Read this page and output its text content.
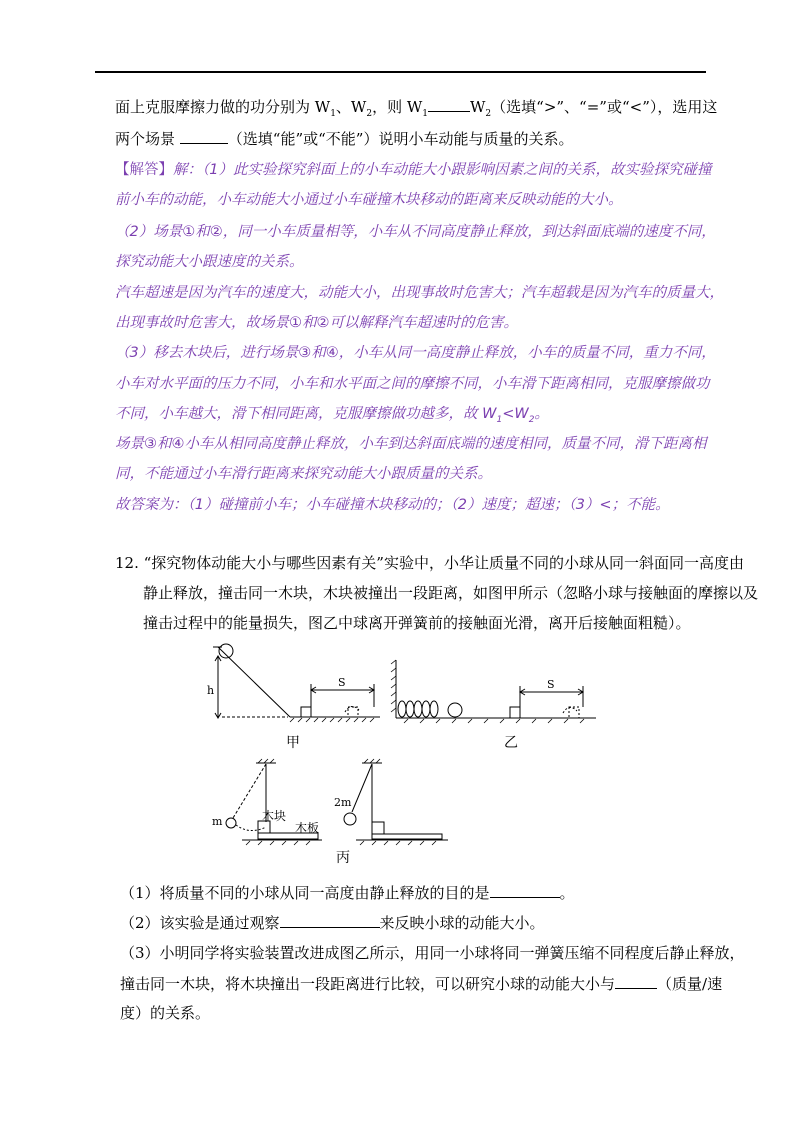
面上克服摩擦力做的功分别为 $W_1$、$W_2$，则 $W_1$	$W_2$（选填“>”、“=”或“<”），选用这
两个场景	（选填“能”或“不能”）说明小车动能与质量的关系。
【解答】解：（1）此实验探究斜面上的小车动能大小跟影响因素之间的关系，故实验探究碰撞
前小车的动能，小车动能大小通过小车碰撞木块移动的距离来反映动能的大小。
（2）场景①和②，同一小车质量相等，小车从不同高度静止释放，到达斜面底端的速度不同，
探究动能大小跟速度的关系。
汽车超速是因为汽车的速度大，动能大小，出现事故时危害大；汽车超载是因为汽车的质量大，
出现事故时危害大，故场景①和②可以解释汽车超速时的危害。
（3）移去木块后，进行场景③和④，小车从同一高度静止释放，小车的质量不同，重力不同，
小车对水平面的压力不同，小车和水平面之间的摩擦不同，小车滑下距离相同，克服摩擦做功
不同，小车越大，滑下相同距离，克服摩擦做功越多，故 $W_1<W_2$。
场景③和④小车从相同高度静止释放，小车到达斜面底端的速度相同，质量不同，滑下距离相
同，不能通过小车滑行距离来探究动能大小跟质量的关系。
故答案为：（1）碰撞前小车；小车碰撞木块移动的；（2）速度；超速；（3）<；不能。
12. “探究物体动能大小与哪些因素有关”实验中，小华让质量不同的小球从同一斜面同一高度由
静止释放，撞击同一木块，木块被撞出一段距离，如图甲所示（忽略小球与接触面的摩擦以及
撞击过程中的能量损失，图乙中球离开弹簧前的接触面光滑，离开后接触面粗糙）。
h
S	S
m
2m
木块
木板
甲	乙
丙
（1）将质量不同的小球从同一高度由静止释放的目的是	。
（2）该实验是通过观察	来反映小球的动能大小。
（3）小明同学将实验装置改进成图乙所示，用同一小球将同一弹簧压缩不同程度后静止释放，
撞击同一木块，将木块撞出一段距离进行比较，可以研究小球的动能大小与	（质量/速
度）的关系。
